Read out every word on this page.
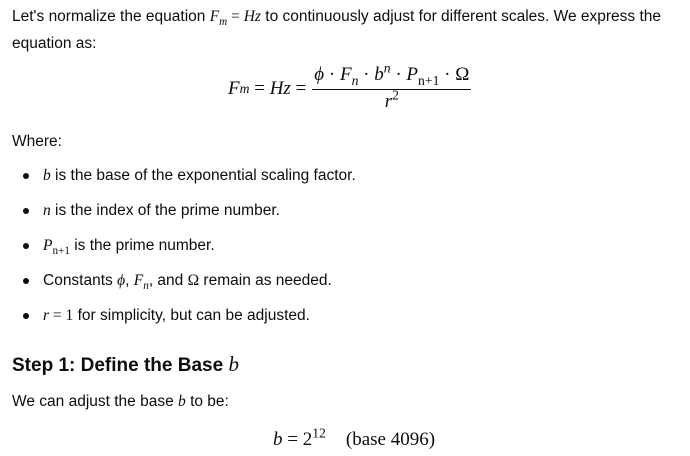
Let's normalize the equation $F_m = Hz$ to continuously adjust for different scales. We express the
equation as:
F $m = Hz = \frac{\phi \cdot F_n \cdot b^n \cdot P_{n+1} \cdot \Omega}{r^2}$
Where:
b is the base of the exponential scaling factor.
n is the index of the prime number.
$P_{n+1}$ is the prime number.
Constants ϕ, $F_n$, and Ω remain as needed.
r = 1 for simplicity, but can be adjusted.
Step 1: Define the Base b
We can adjust the base b to be:
$b = 2^{12}$ (base 4096)
